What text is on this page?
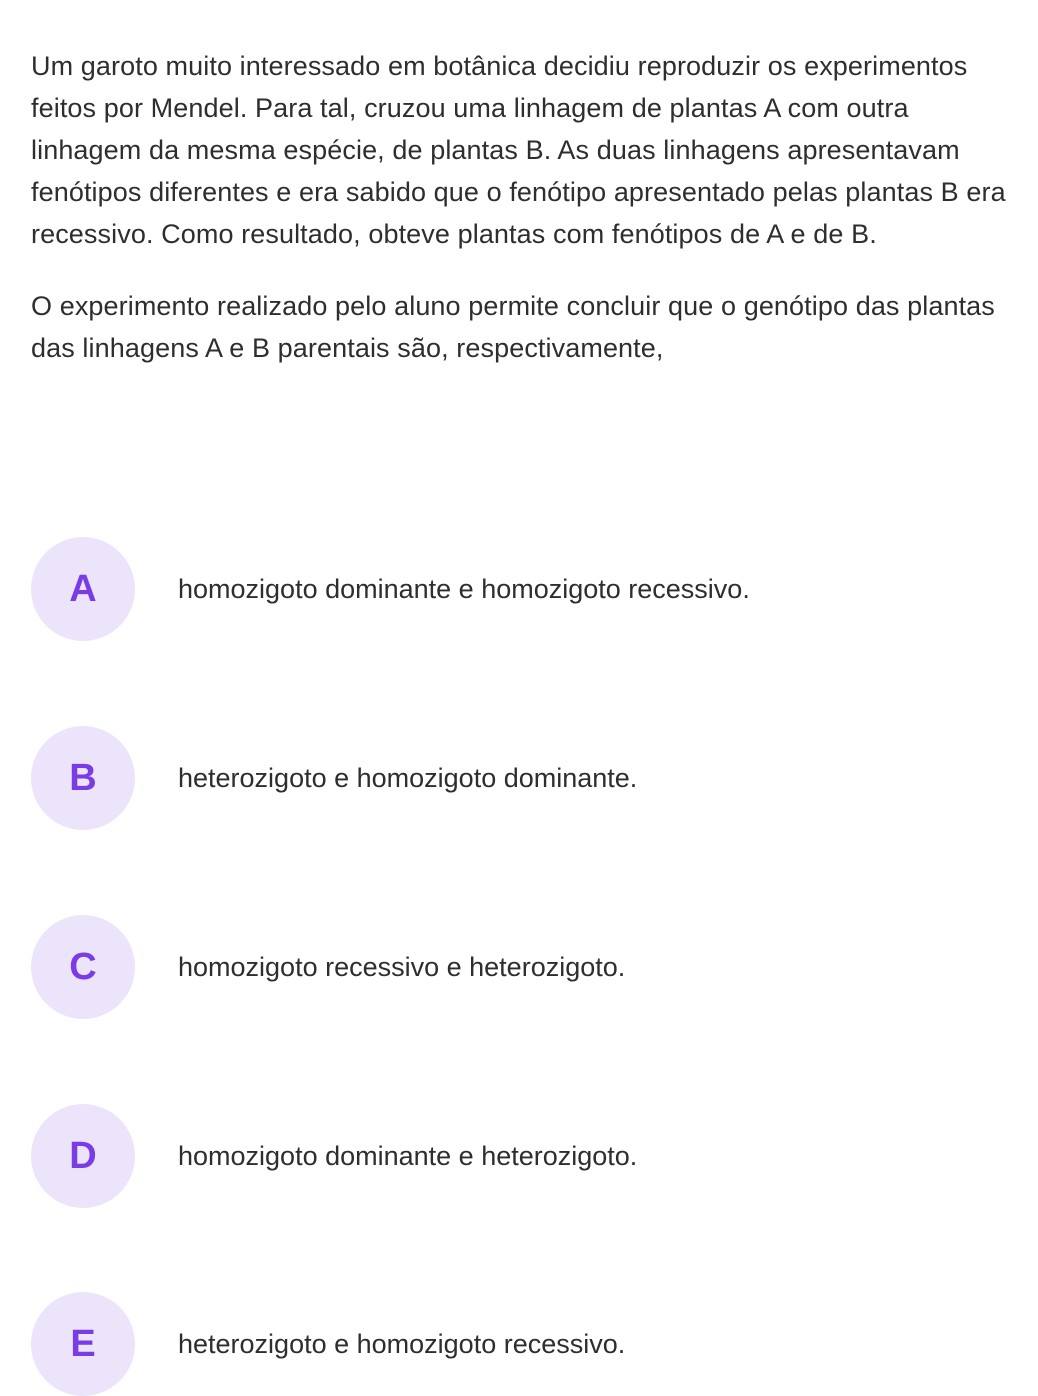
Um garoto muito interessado em botânica decidiu reproduzir os experimentos feitos por Mendel. Para tal, cruzou uma linhagem de plantas A com outra linhagem da mesma espécie, de plantas B. As duas linhagens apresentavam fenótipos diferentes e era sabido que o fenótipo apresentado pelas plantas B era recessivo. Como resultado, obteve plantas com fenótipos de A e de B.

O experimento realizado pelo aluno permite concluir que o genótipo das plantas das linhagens A e B parentais são, respectivamente,

A	homozigoto dominante e homozigoto recessivo.
B	heterozigoto e homozigoto dominante.
C	homozigoto recessivo e heterozigoto.
D	homozigoto dominante e heterozigoto.
E	heterozigoto e homozigoto recessivo.
